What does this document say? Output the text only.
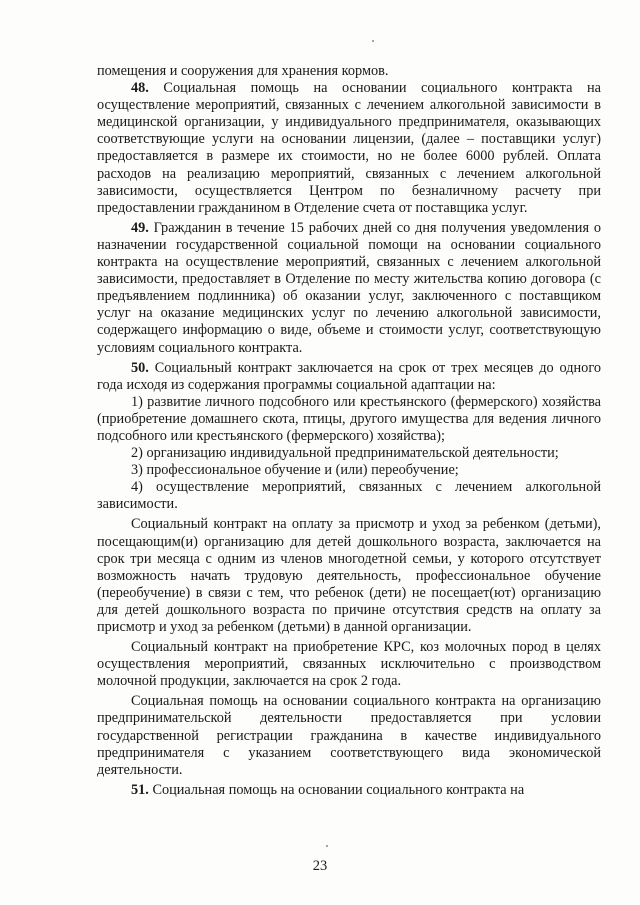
помещения и сооружения для хранения кормов.

48. Социальная помощь на основании социального контракта на осуществление мероприятий, связанных с лечением алкогольной зависимости в медицинской организации, у индивидуального предпринимателя, оказывающих соответствующие услуги на основании лицензии, (далее – поставщики услуг) предоставляется в размере их стоимости, но не более 6000 рублей. Оплата расходов на реализацию мероприятий, связанных с лечением алкогольной зависимости, осуществляется Центром по безналичному расчету при предоставлении гражданином в Отделение счета от поставщика услуг.

49. Гражданин в течение 15 рабочих дней со дня получения уведомления о назначении государственной социальной помощи на основании социального контракта на осуществление мероприятий, связанных с лечением алкогольной зависимости, предоставляет в Отделение по месту жительства копию договора (с предъявлением подлинника) об оказании услуг, заключенного с поставщиком услуг на оказание медицинских услуг по лечению алкогольной зависимости, содержащего информацию о виде, объеме и стоимости услуг, соответствующую условиям социального контракта.

50. Социальный контракт заключается на срок от трех месяцев до одного года исходя из содержания программы социальной адаптации на:

1) развитие личного подсобного или крестьянского (фермерского) хозяйства (приобретение домашнего скота, птицы, другого имущества для ведения личного подсобного или крестьянского (фермерского) хозяйства);

2) организацию индивидуальной предпринимательской деятельности;

3) профессиональное обучение и (или) переобучение;

4) осуществление мероприятий, связанных с лечением алкогольной зависимости.

Социальный контракт на оплату за присмотр и уход за ребенком (детьми), посещающим(и) организацию для детей дошкольного возраста, заключается на срок три месяца с одним из членов многодетной семьи, у которого отсутствует возможность начать трудовую деятельность, профессиональное обучение (переобучение) в связи с тем, что ребенок (дети) не посещает(ют) организацию для детей дошкольного возраста по причине отсутствия средств на оплату за присмотр и уход за ребенком (детьми) в данной организации.

Социальный контракт на приобретение КРС, коз молочных пород в целях осуществления мероприятий, связанных исключительно с производством молочной продукции, заключается на срок 2 года.

Социальная помощь на основании социального контракта на организацию предпринимательской деятельности предоставляется при условии государственной регистрации гражданина в качестве индивидуального предпринимателя с указанием соответствующего вида экономической деятельности.

51. Социальная помощь на основании социального контракта на

23
